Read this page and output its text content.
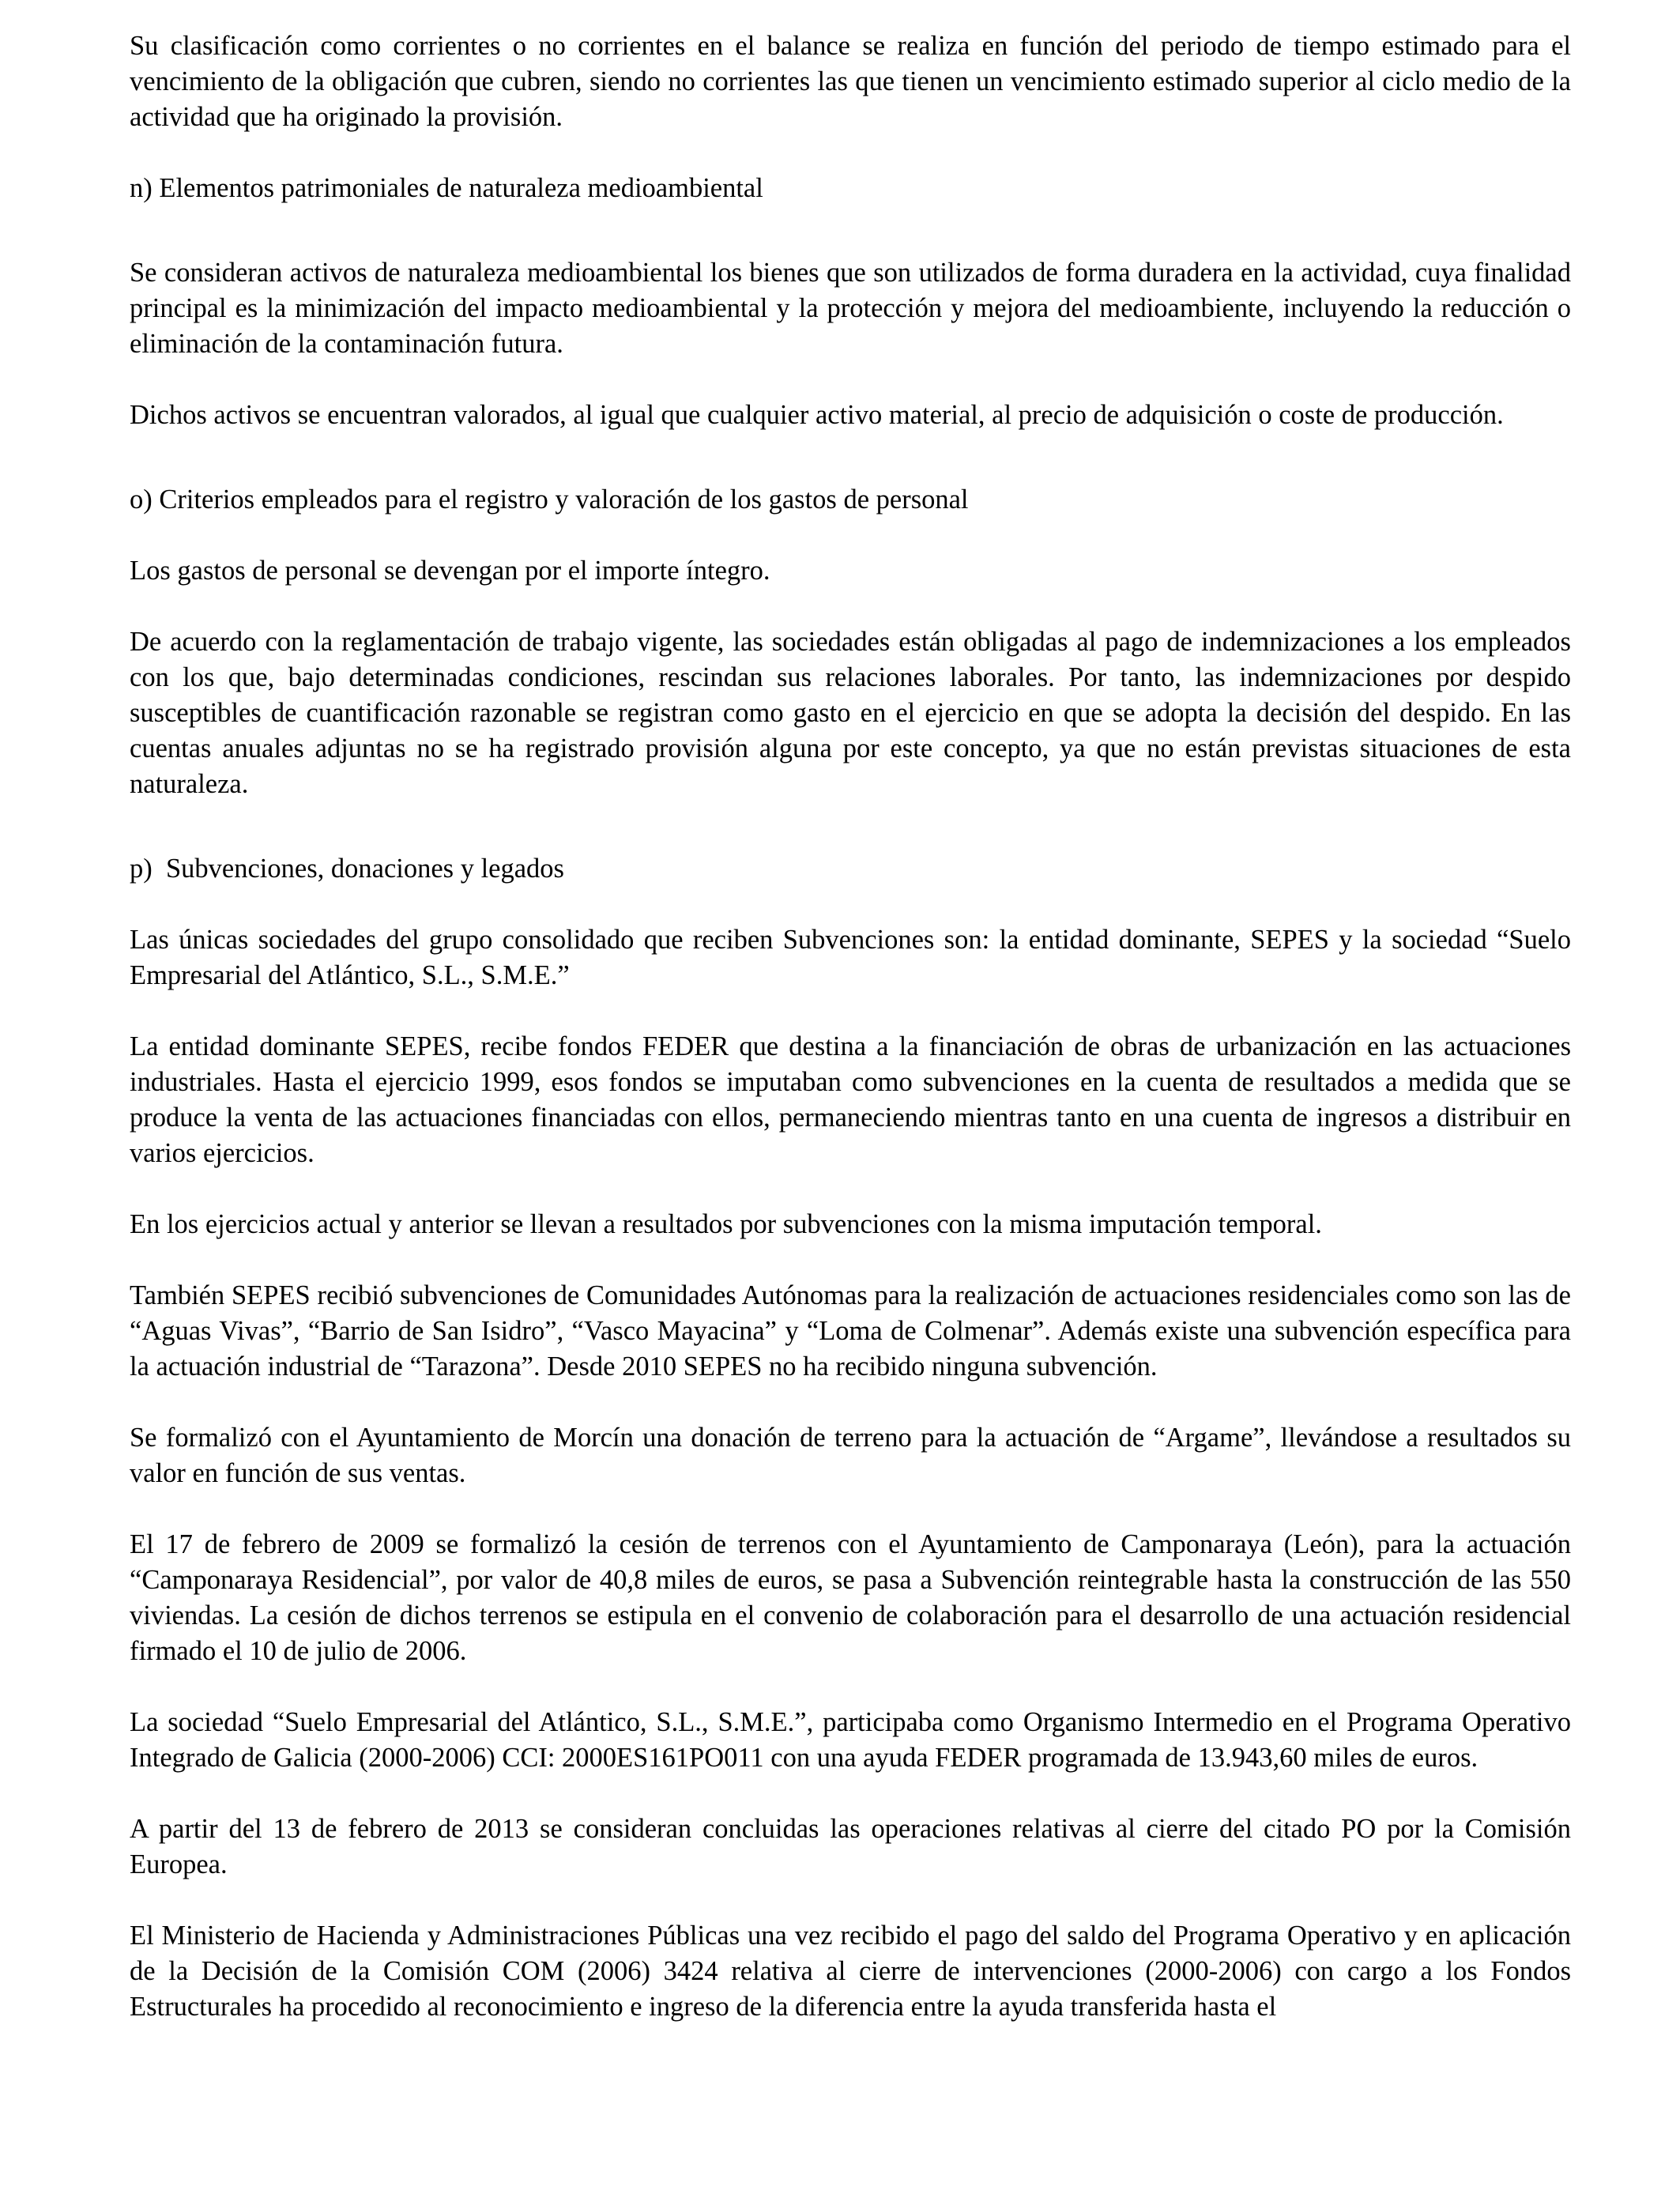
Su clasificación como corrientes o no corrientes en el balance se realiza en función del periodo de tiempo estimado para el vencimiento de la obligación que cubren, siendo no corrientes las que tienen un vencimiento estimado superior al ciclo medio de la actividad que ha originado la provisión.

n) Elementos patrimoniales de naturaleza medioambiental

Se consideran activos de naturaleza medioambiental los bienes que son utilizados de forma duradera en la actividad, cuya finalidad principal es la minimización del impacto medioambiental y la protección y mejora del medioambiente, incluyendo la reducción o eliminación de la contaminación futura.

Dichos activos se encuentran valorados, al igual que cualquier activo material, al precio de adquisición o coste de producción.

o) Criterios empleados para el registro y valoración de los gastos de personal

Los gastos de personal se devengan por el importe íntegro.

De acuerdo con la reglamentación de trabajo vigente, las sociedades están obligadas al pago de indemnizaciones a los empleados con los que, bajo determinadas condiciones, rescindan sus relaciones laborales. Por tanto, las indemnizaciones por despido susceptibles de cuantificación razonable se registran como gasto en el ejercicio en que se adopta la decisión del despido. En las cuentas anuales adjuntas no se ha registrado provisión alguna por este concepto, ya que no están previstas situaciones de esta naturaleza.

p)  Subvenciones, donaciones y legados

Las únicas sociedades del grupo consolidado que reciben Subvenciones son: la entidad dominante, SEPES y la sociedad “Suelo Empresarial del Atlántico, S.L., S.M.E.”

La entidad dominante SEPES, recibe fondos FEDER que destina a la financiación de obras de urbanización en las actuaciones industriales. Hasta el ejercicio 1999, esos fondos se imputaban como subvenciones en la cuenta de resultados a medida que se produce la venta de las actuaciones financiadas con ellos, permaneciendo mientras tanto en una cuenta de ingresos a distribuir en varios ejercicios.

En los ejercicios actual y anterior se llevan a resultados por subvenciones con la misma imputación temporal.

También SEPES recibió subvenciones de Comunidades Autónomas para la realización de actuaciones residenciales como son las de “Aguas Vivas”, “Barrio de San Isidro”, “Vasco Mayacina” y “Loma de Colmenar”. Además existe una subvención específica para la actuación industrial de “Tarazona”. Desde 2010 SEPES no ha recibido ninguna subvención.

Se formalizó con el Ayuntamiento de Morcín una donación de terreno para la actuación de “Argame”, llevándose a resultados su valor en función de sus ventas.

El 17 de febrero de 2009 se formalizó la cesión de terrenos con el Ayuntamiento de Camponaraya (León), para la actuación “Camponaraya Residencial”, por valor de 40,8 miles de euros, se pasa a Subvención reintegrable hasta la construcción de las 550 viviendas. La cesión de dichos terrenos se estipula en el convenio de colaboración para el desarrollo de una actuación residencial firmado el 10 de julio de 2006.

La sociedad “Suelo Empresarial del Atlántico, S.L., S.M.E.”, participaba como Organismo Intermedio en el Programa Operativo Integrado de Galicia (2000-2006) CCI: 2000ES161PO011 con una ayuda FEDER programada de 13.943,60 miles de euros.

A partir del 13 de febrero de 2013 se consideran concluidas las operaciones relativas al cierre del citado PO por la Comisión Europea.

El Ministerio de Hacienda y Administraciones Públicas una vez recibido el pago del saldo del Programa Operativo y en aplicación de la Decisión de la Comisión COM (2006) 3424 relativa al cierre de intervenciones (2000-2006) con cargo a los Fondos Estructurales ha procedido al reconocimiento e ingreso de la diferencia entre la ayuda transferida hasta el
